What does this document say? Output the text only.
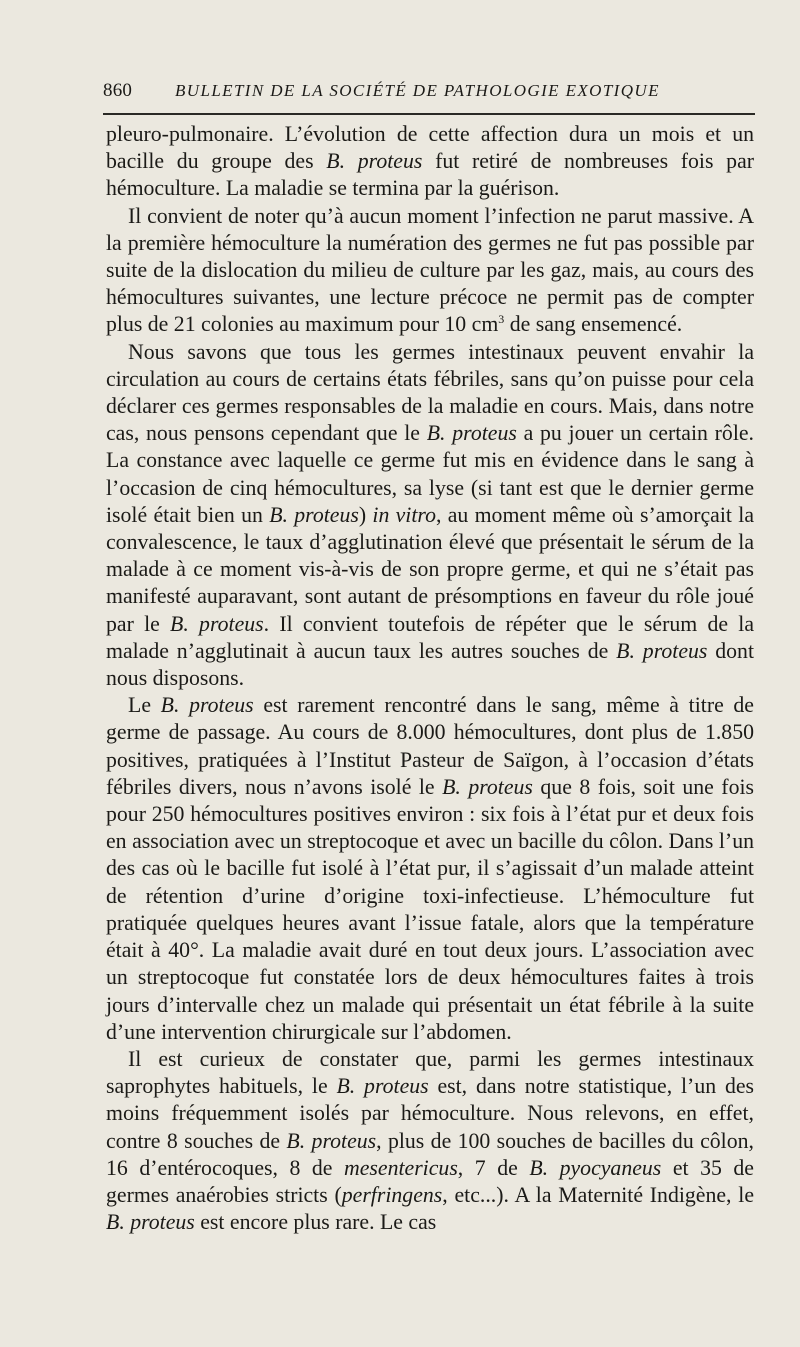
860	BULLETIN DE LA SOCIÉTÉ DE PATHOLOGIE EXOTIQUE

pleuro-pulmonaire. L’évolution de cette affection dura un mois et un bacille du groupe des B. proteus fut retiré de nombreuses fois par hémoculture. La maladie se termina par la guérison.

Il convient de noter qu’à aucun moment l’infection ne parut massive. A la première hémoculture la numération des germes ne fut pas possible par suite de la dislocation du milieu de culture par les gaz, mais, au cours des hémocultures suivantes, une lecture précoce ne permit pas de compter plus de 21 colonies au maximum pour 10 $cm^3$ de sang ensemencé.

Nous savons que tous les germes intestinaux peuvent envahir la circulation au cours de certains états fébriles, sans qu’on puisse pour cela déclarer ces germes responsables de la maladie en cours. Mais, dans notre cas, nous pensons cependant que le B. proteus a pu jouer un certain rôle. La constance avec laquelle ce germe fut mis en évidence dans le sang à l’occasion de cinq hémocultures, sa lyse (si tant est que le dernier germe isolé était bien un B. proteus) in vitro, au moment même où s’amorçait la convalescence, le taux d’agglutination élevé que présentait le sérum de la malade à ce moment vis-à-vis de son propre germe, et qui ne s’était pas manifesté auparavant, sont autant de présomptions en faveur du rôle joué par le B. proteus. Il convient toutefois de répéter que le sérum de la malade n’agglutinait à aucun taux les autres souches de B. proteus dont nous disposons.

Le B. proteus est rarement rencontré dans le sang, même à titre de germe de passage. Au cours de 8.000 hémocultures, dont plus de 1.850 positives, pratiquées à l’Institut Pasteur de Saïgon, à l’occasion d’états fébriles divers, nous n’avons isolé le B. proteus que 8 fois, soit une fois pour 250 hémocultures positives environ : six fois à l’état pur et deux fois en association avec un streptocoque et avec un bacille du côlon. Dans l’un des cas où le bacille fut isolé à l’état pur, il s’agissait d’un malade atteint de rétention d’urine d’origine toxi-infectieuse. L’hémoculture fut pratiquée quelques heures avant l’issue fatale, alors que la température était à 40°. La maladie avait duré en tout deux jours. L’association avec un streptocoque fut constatée lors de deux hémocultures faites à trois jours d’intervalle chez un malade qui présentait un état fébrile à la suite d’une intervention chirurgicale sur l’abdomen.

Il est curieux de constater que, parmi les germes intestinaux saprophytes habituels, le B. proteus est, dans notre statistique, l’un des moins fréquemment isolés par hémoculture. Nous relevons, en effet, contre 8 souches de B. proteus, plus de 100 souches de bacilles du côlon, 16 d’entérocoques, 8 de mesentericus, 7 de B. pyocyaneus et 35 de germes anaérobies stricts (perfringens, etc...). A la Maternité Indigène, le B. proteus est encore plus rare. Le cas
